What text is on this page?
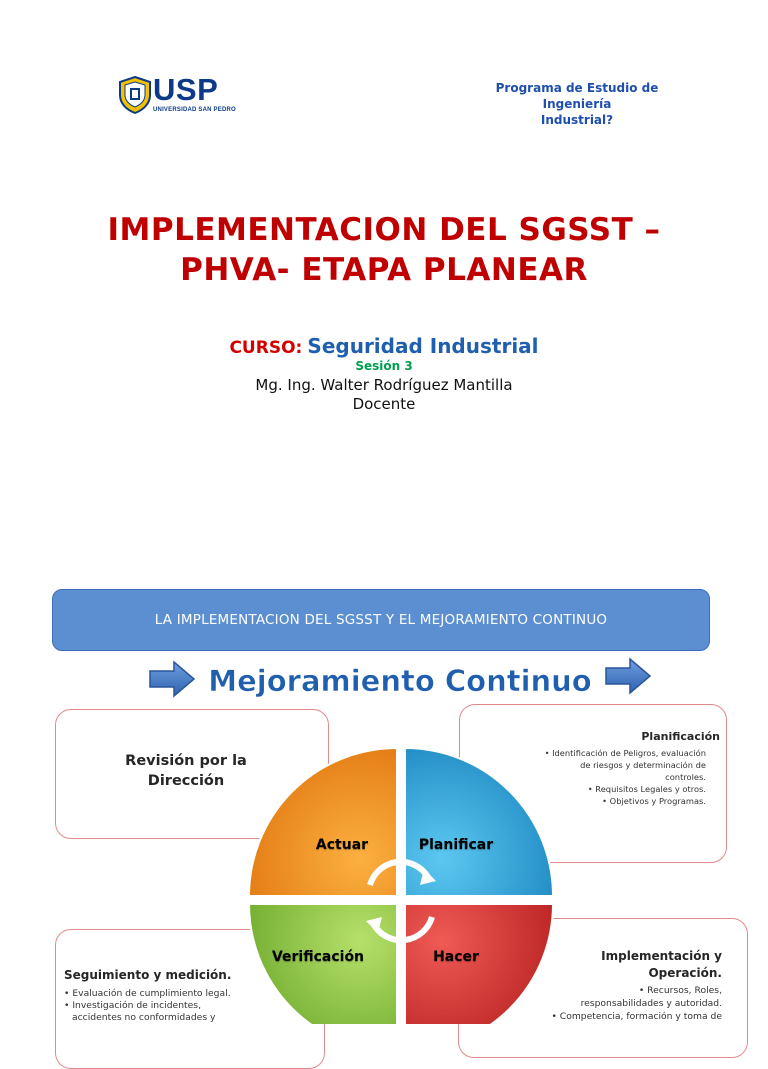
USP
UNIVERSIDAD SAN PEDRO
Programa de Estudio de Ingeniería
Industrial?
IMPLEMENTACION DEL SGSST –
PHVA- ETAPA PLANEAR
CURSO: Seguridad Industrial
Sesión 3
Mg. Ing. Walter Rodríguez Mantilla
Docente
LA IMPLEMENTACION DEL SGSST Y EL MEJORAMIENTO CONTINUO
Mejoramiento Continuo
Revisión por la
Dirección
Planificación
• Identificación de Peligros, evaluación
de riesgos y determinación de
controles.
• Requisitos Legales y otros.
• Objetivos y Programas.
Seguimiento y medición.
• Evaluación de cumplimiento legal.
• Investigación de incidentes,
accidentes no conformidades y
Implementación y
Operación.
• Recursos, Roles,
responsabilidades y autoridad.
• Competencia, formación y toma de
Actuar	Planificar
Verificación	Hacer
